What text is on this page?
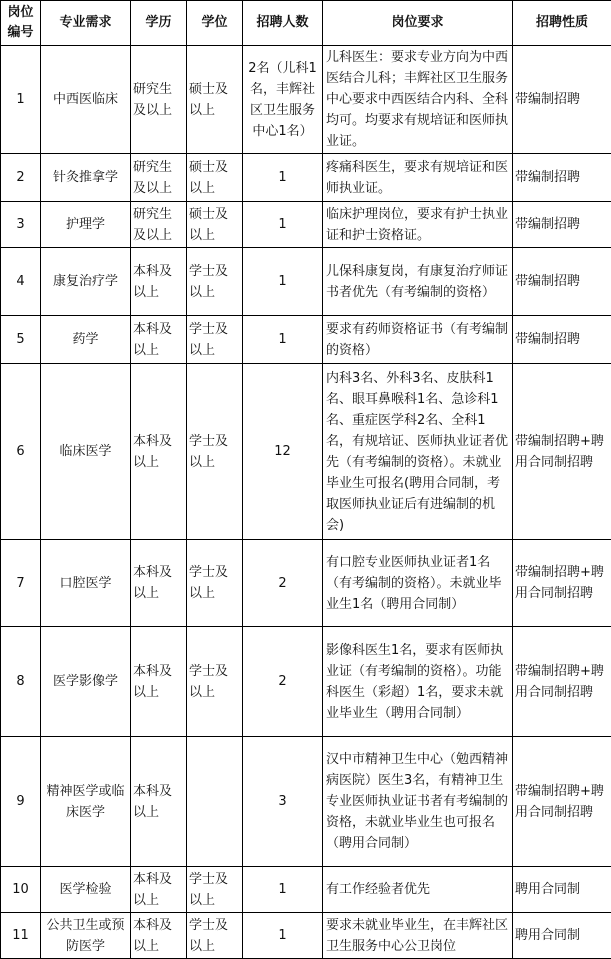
岗位编号	专业需求	学历	学位	招聘人数	岗位要求	招聘性质
1	中西医临床	研究生及以上	硕士及以上	2名（儿科1名，丰辉社区卫生服务中心1名）	儿科医生：要求专业方向为中西医结合儿科；丰辉社区卫生服务中心要求中西医结合内科、全科均可。均要求有规培证和医师执业证。	带编制招聘
2	针灸推拿学	研究生及以上	硕士及以上	1	疼痛科医生，要求有规培证和医师执业证。	带编制招聘
3	护理学	研究生及以上	硕士及以上	1	临床护理岗位，要求有护士执业证和护士资格证。	带编制招聘
4	康复治疗学	本科及以上	学士及以上	1	儿保科康复岗，有康复治疗师证书者优先（有考编制的资格）	带编制招聘
5	药学	本科及以上	学士及以上	1	要求有药师资格证书（有考编制的资格）	带编制招聘
6	临床医学	本科及以上	学士及以上	12	内科3名、外科3名、皮肤科1名、眼耳鼻喉科1名、急诊科1名、重症医学科2名、全科1名，有规培证、医师执业证者优先（有考编制的资格）。未就业毕业生可报名(聘用合同制，考取医师执业证后有进编制的机会)	带编制招聘+聘用合同制招聘
7	口腔医学	本科及以上	学士及以上	2	有口腔专业医师执业证者1名（有考编制的资格）。未就业毕业生1名（聘用合同制）	带编制招聘+聘用合同制招聘
8	医学影像学	本科及以上	学士及以上	2	影像科医生1名，要求有医师执业证（有考编制的资格）。功能科医生（彩超）1名，要求未就业毕业生（聘用合同制）	带编制招聘+聘用合同制招聘
9	精神医学或临床医学	本科及以上		3	汉中市精神卫生中心（勉西精神病医院）医生3名，有精神卫生专业医师执业证书者有考编制的资格，未就业毕业生也可报名（聘用合同制）	带编制招聘+聘用合同制招聘
10	医学检验	本科及以上	学士及以上	1	有工作经验者优先	聘用合同制
11	公共卫生或预防医学	本科及以上	学士及以上	1	要求未就业毕业生，在丰辉社区卫生服务中心公卫岗位	聘用合同制
